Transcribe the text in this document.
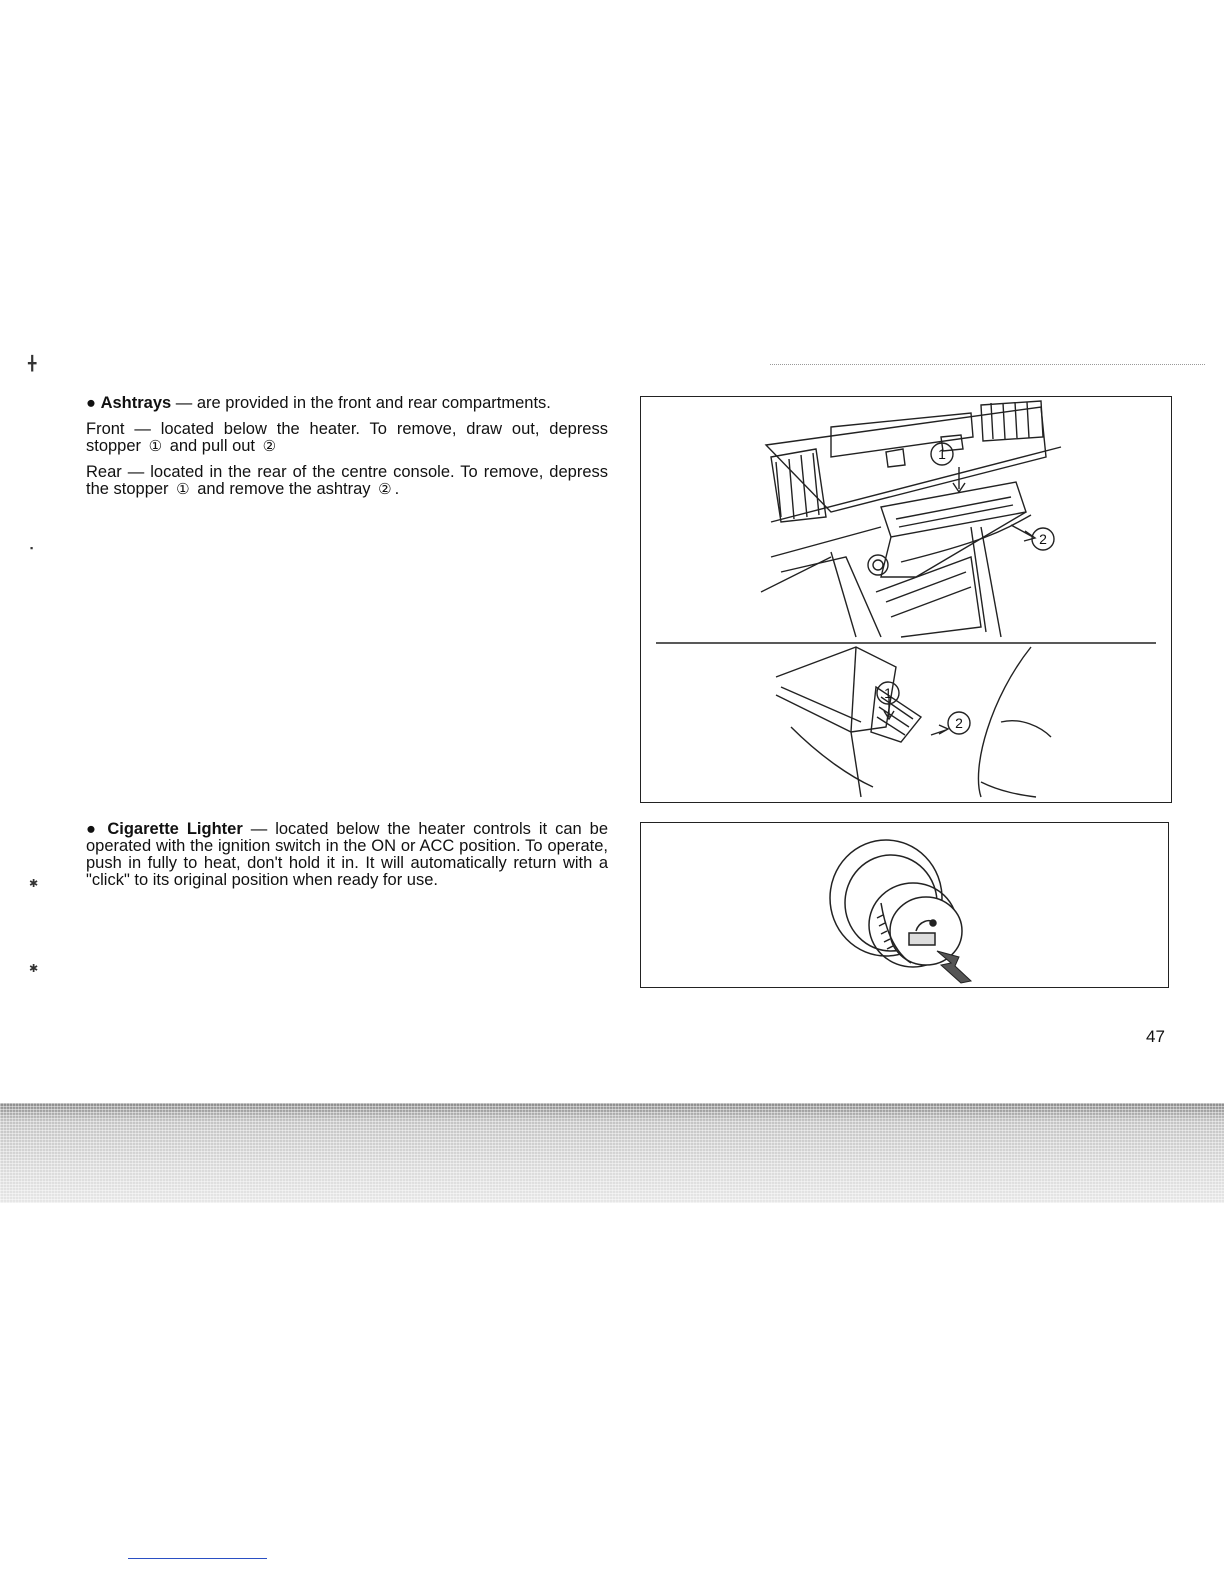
● Ashtrays — are provided in the front and rear compartments.

Front — located below the heater. To remove, draw out, depress stopper ① and pull out ②

Rear — located in the rear of the centre console. To remove, depress the stopper ① and remove the ashtray ② .

● Cigarette Lighter — located below the heater controls it can be operated with the ignition switch in the ON or ACC position. To operate, push in fully to heat, don't hold it in. It will automatically return with a "click" to its original position when ready for use.

╋
▪
✱
✱
1
2
1
2
47
